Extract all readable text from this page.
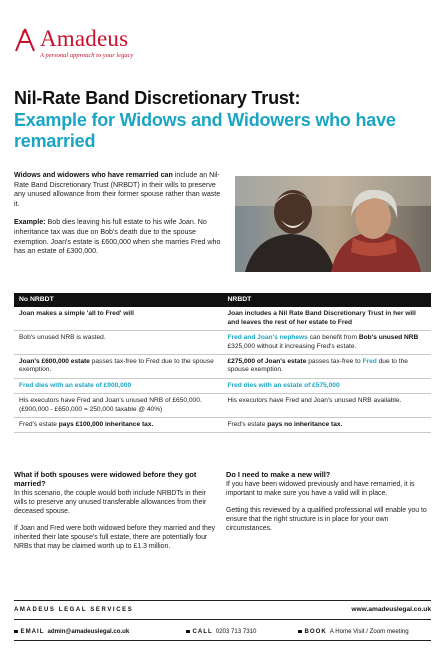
Amadeus
A personal approach to your legacy
Nil-Rate Band Discretionary Trust:
Example for Widows and Widowers who have remarried

Widows and widowers who have remarried can include an Nil-Rate Band Discretionary Trust (NRBDT) in their wills to preserve any unused allowance from their former spouse rather than waste it.

Example: Bob dies leaving his full estate to his wife Joan. No inheritance tax was due on Bob's death due to the spouse exemption. Joan's estate is £600,000 when she marries Fred who has an estate of £300,000.

No NRBDT	NRBDT
Joan makes a simple 'all to Fred' will	Joan includes a Nil Rate Band Discretionary Trust in her will and leaves the rest of her estate to Fred
Bob's unused NRB is wasted.	Fred and Joan's nephews can benefit from Bob's unused NRB £325,000 without it increasing Fred's estate.
Joan's £600,000 estate passes tax-free to Fred due to the spouse exemption.	£275,000 of Joan's estate passes tax-free to Fred due to the spouse exemption.
Fred dies with an estate of £900,000	Fred dies with an estate of £575,000

His executors have Fred and Joan's unused NRB of £650,000.
(£900,000 - £650,000 = 250,000 taxable @ 40%)	His executors have Fred and Joan's unused NRB available.
Fred's estate pays £100,000 inheritance tax.	Fred's estate pays no inheritance tax.
What if both spouses were widowed before they got married?

In this scenario, the couple would both include NRBDTs in their wills to preserve any unused transferable allowances from their deceased spouse.

If Joan and Fred were both widowed before they married and they inherited their late spouse's full estate, there are potentially four NRBs that may be claimed worth up to £1.3 million.

Do I need to make a new will?

If you have been widowed previously and have remarried, it is important to make sure you have a valid will in place.

Getting this reviewed by a qualified professional will enable you to ensure that the right structure is in place for your own circumstances.

AMADEUS LEGAL SERVICES	www.amadeuslegal.co.uk
EMAIL admin@amadeuslegal.co.uk	CALL 0203 713 7310	BOOK A Home Visit / Zoom meeting
